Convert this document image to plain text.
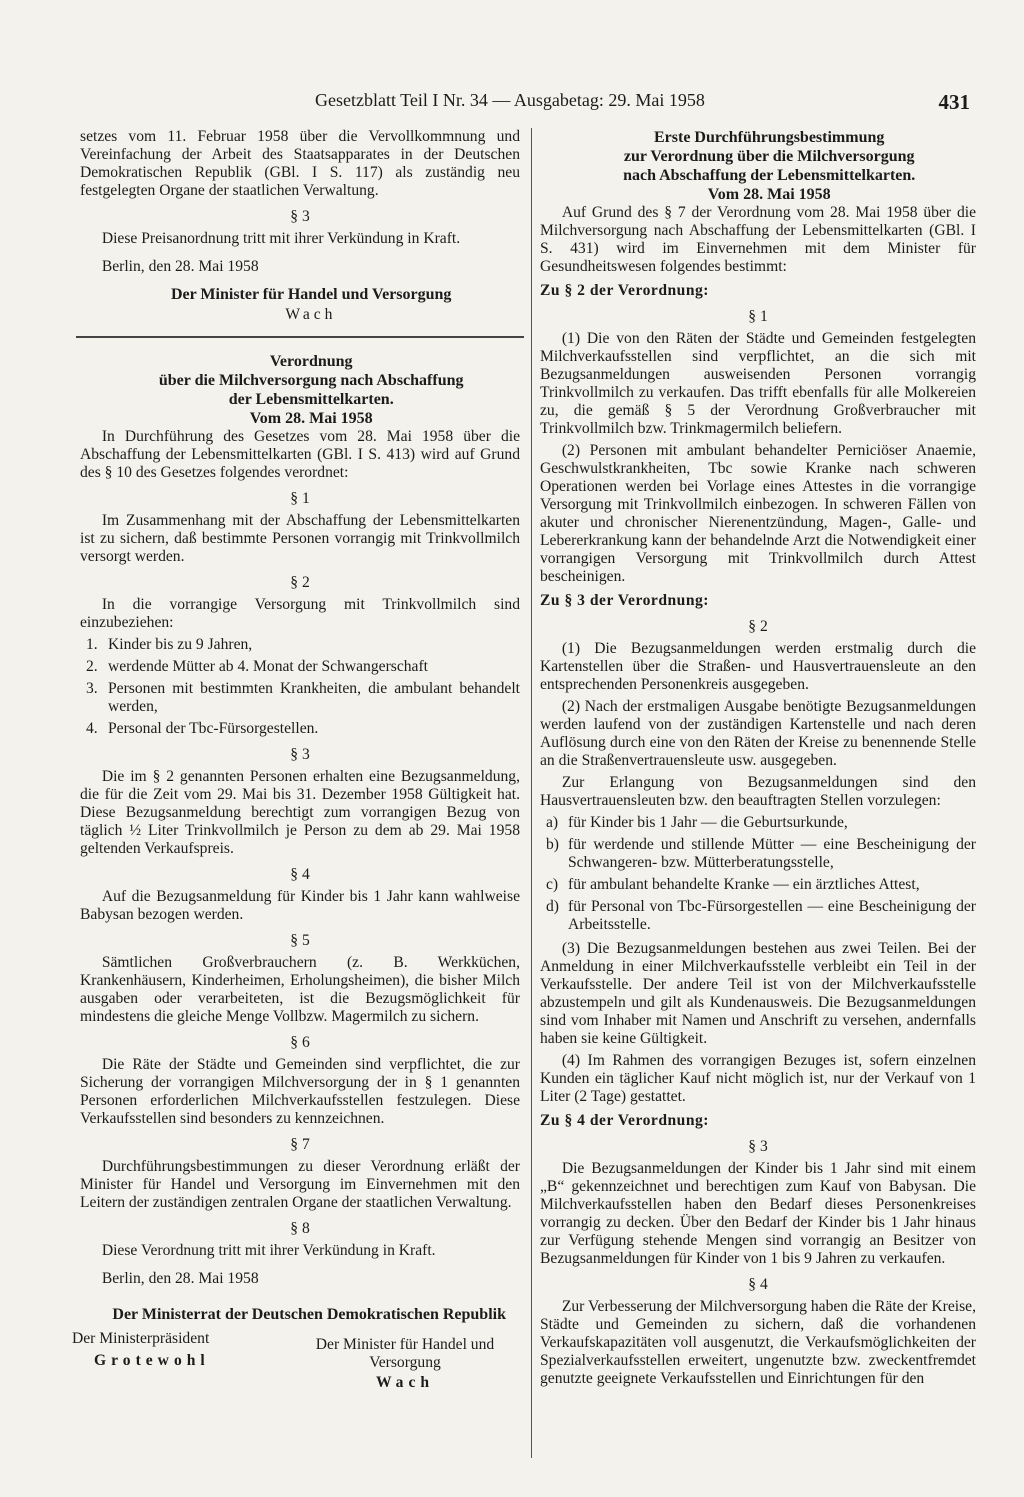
Gesetzblatt Teil I Nr. 34 — Ausgabetag: 29. Mai 1958	431

setzes vom 11. Februar 1958 über die Vervollkommnung und Vereinfachung der Arbeit des Staatsapparates in der Deutschen Demokratischen Republik (GBl. I S. 117) als zuständig neu festgelegten Organe der staatlichen Verwaltung.

§ 3

Diese Preisanordnung tritt mit ihrer Verkündung in Kraft.

Berlin, den 28. Mai 1958

Der Minister für Handel und Versorgung

Wach

Verordnung

über die Milchversorgung nach Abschaffung

der Lebensmittelkarten.

Vom 28. Mai 1958

In Durchführung des Gesetzes vom 28. Mai 1958 über die Abschaffung der Lebensmittelkarten (GBl. I S. 413) wird auf Grund des § 10 des Gesetzes folgendes verordnet:

§ 1

Im Zusammenhang mit der Abschaffung der Lebensmittelkarten ist zu sichern, daß bestimmte Personen vorrangig mit Trinkvollmilch versorgt werden.

§ 2

In die vorrangige Versorgung mit Trinkvollmilch sind einzubeziehen:

1. Kinder bis zu 9 Jahren,
2. werdende Mütter ab 4. Monat der Schwangerschaft
3. Personen mit bestimmten Krankheiten, die ambulant behandelt werden,
4. Personal der Tbc-Fürsorgestellen.

§ 3

Die im § 2 genannten Personen erhalten eine Bezugsanmeldung, die für die Zeit vom 29. Mai bis 31. Dezember 1958 Gültigkeit hat. Diese Bezugsanmeldung berechtigt zum vorrangigen Bezug von täglich ½ Liter Trinkvollmilch je Person zu dem ab 29. Mai 1958 geltenden Verkaufspreis.

§ 4

Auf die Bezugsanmeldung für Kinder bis 1 Jahr kann wahlweise Babysan bezogen werden.

§ 5

Sämtlichen Großverbrauchern (z. B. Werkküchen, Krankenhäusern, Kinderheimen, Erholungsheimen), die bisher Milch ausgaben oder verarbeiteten, ist die Bezugsmöglichkeit für mindestens die gleiche Menge Vollbzw. Magermilch zu sichern.

§ 6

Die Räte der Städte und Gemeinden sind verpflichtet, die zur Sicherung der vorrangigen Milchversorgung der in § 1 genannten Personen erforderlichen Milchverkaufsstellen festzulegen. Diese Verkaufsstellen sind besonders zu kennzeichnen.

§ 7

Durchführungsbestimmungen zu dieser Verordnung erläßt der Minister für Handel und Versorgung im Einvernehmen mit den Leitern der zuständigen zentralen Organe der staatlichen Verwaltung.

§ 8

Diese Verordnung tritt mit ihrer Verkündung in Kraft.

Berlin, den 28. Mai 1958

Der Ministerrat der Deutschen Demokratischen Republik

Der Ministerpräsident
Grotewohl
Der Minister für Handel und Versorgung
Wach

Erste Durchführungsbestimmung

zur Verordnung über die Milchversorgung

nach Abschaffung der Lebensmittelkarten.

Vom 28. Mai 1958

Auf Grund des § 7 der Verordnung vom 28. Mai 1958 über die Milchversorgung nach Abschaffung der Lebensmittelkarten (GBl. I S. 431) wird im Einvernehmen mit dem Minister für Gesundheitswesen folgendes bestimmt:

Zu § 2 der Verordnung:

§ 1

(1) Die von den Räten der Städte und Gemeinden festgelegten Milchverkaufsstellen sind verpflichtet, an die sich mit Bezugsanmeldungen ausweisenden Personen vorrangig Trinkvollmilch zu verkaufen. Das trifft ebenfalls für alle Molkereien zu, die gemäß § 5 der Verordnung Großverbraucher mit Trinkvollmilch bzw. Trinkmagermilch beliefern.

(2) Personen mit ambulant behandelter Perniciöser Anaemie, Geschwulstkrankheiten, Tbc sowie Kranke nach schweren Operationen werden bei Vorlage eines Attestes in die vorrangige Versorgung mit Trinkvollmilch einbezogen. In schweren Fällen von akuter und chronischer Nierenentzündung, Magen-, Galle- und Lebererkrankung kann der behandelnde Arzt die Notwendigkeit einer vorrangigen Versorgung mit Trinkvollmilch durch Attest bescheinigen.

Zu § 3 der Verordnung:

§ 2

(1) Die Bezugsanmeldungen werden erstmalig durch die Kartenstellen über die Straßen- und Hausvertrauensleute an den entsprechenden Personenkreis ausgegeben.

(2) Nach der erstmaligen Ausgabe benötigte Bezugsanmeldungen werden laufend von der zuständigen Kartenstelle und nach deren Auflösung durch eine von den Räten der Kreise zu benennende Stelle an die Straßenvertrauensleute usw. ausgegeben.

Zur Erlangung von Bezugsanmeldungen sind den Hausvertrauensleuten bzw. den beauftragten Stellen vorzulegen:

a) für Kinder bis 1 Jahr — die Geburtsurkunde,
b) für werdende und stillende Mütter — eine Bescheinigung der Schwangeren- bzw. Mütterberatungsstelle,
c) für ambulant behandelte Kranke — ein ärztliches Attest,
d) für Personal von Tbc-Fürsorgestellen — eine Bescheinigung der Arbeitsstelle.

(3) Die Bezugsanmeldungen bestehen aus zwei Teilen. Bei der Anmeldung in einer Milchverkaufsstelle verbleibt ein Teil in der Verkaufsstelle. Der andere Teil ist von der Milchverkaufsstelle abzustempeln und gilt als Kundenausweis. Die Bezugsanmeldungen sind vom Inhaber mit Namen und Anschrift zu versehen, andernfalls haben sie keine Gültigkeit.

(4) Im Rahmen des vorrangigen Bezuges ist, sofern einzelnen Kunden ein täglicher Kauf nicht möglich ist, nur der Verkauf von 1 Liter (2 Tage) gestattet.

Zu § 4 der Verordnung:

§ 3

Die Bezugsanmeldungen der Kinder bis 1 Jahr sind mit einem „B“ gekennzeichnet und berechtigen zum Kauf von Babysan. Die Milchverkaufsstellen haben den Bedarf dieses Personenkreises vorrangig zu decken. Über den Bedarf der Kinder bis 1 Jahr hinaus zur Verfügung stehende Mengen sind vorrangig an Besitzer von Bezugsanmeldungen für Kinder von 1 bis 9 Jahren zu verkaufen.

§ 4

Zur Verbesserung der Milchversorgung haben die Räte der Kreise, Städte und Gemeinden zu sichern, daß die vorhandenen Verkaufskapazitäten voll ausgenutzt, die Verkaufsmöglichkeiten der Spezialverkaufsstellen erweitert, ungenutzte bzw. zweckentfremdet genutzte geeignete Verkaufsstellen und Einrichtungen für den
